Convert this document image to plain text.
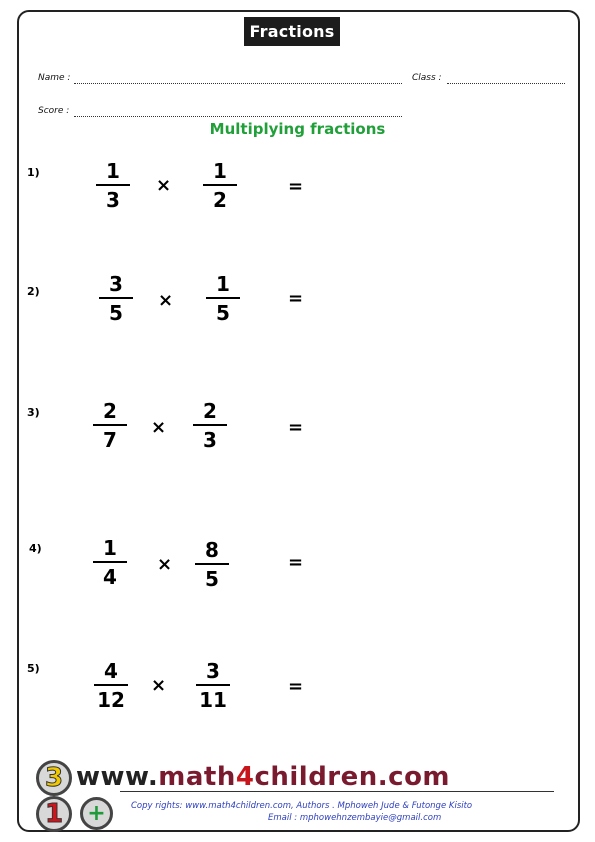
Fractions
Name :	Class :
Score :
Multiplying fractions
1)	1
3
×
1
2
=
2)	3
5
×
1
5
=
3)	2
7
×
2
3
=
4)	1
4
×
8
5
=
5)	4
12
×
3
11
=
3
1	+
www.math4children.com
Copy rights: www.math4children.com, Authors . Mphoweh Jude & Futonge Kisito
Email : mphowehnzembayie@gmail.com
